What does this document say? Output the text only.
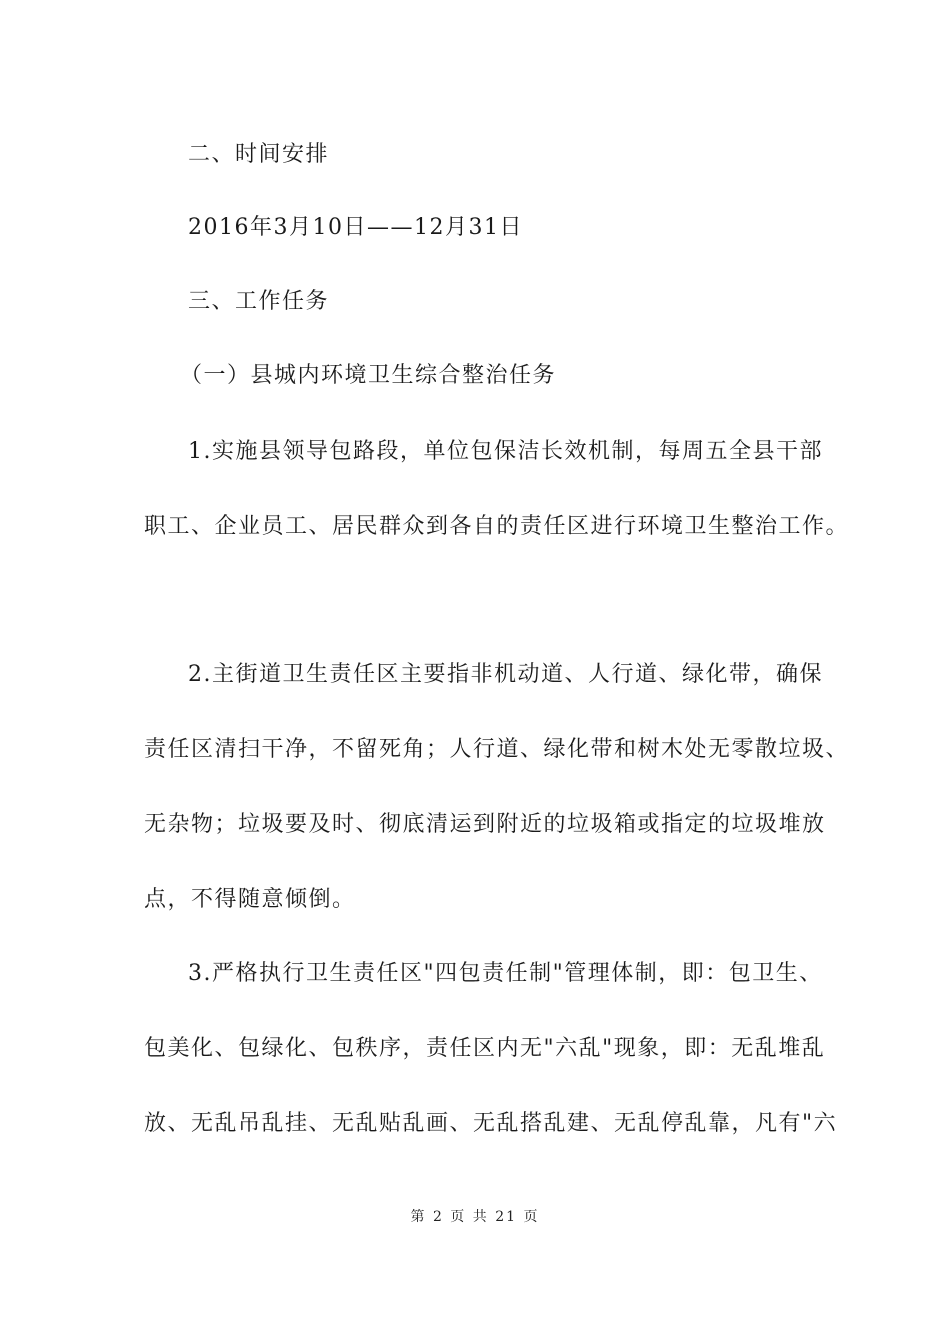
二、时间安排
2016年3月10日——12月31日
三、工作任务
（一）县城内环境卫生综合整治任务
1.实施县领导包路段，单位包保洁长效机制，每周五全县干部
职工、企业员工、居民群众到各自的责任区进行环境卫生整治工作。
2.主街道卫生责任区主要指非机动道、人行道、绿化带，确保
责任区清扫干净，不留死角；人行道、绿化带和树木处无零散垃圾、
无杂物；垃圾要及时、彻底清运到附近的垃圾箱或指定的垃圾堆放
点，不得随意倾倒。
3.严格执行卫生责任区"四包责任制"管理体制，即：包卫生、
包美化、包绿化、包秩序，责任区内无"六乱"现象，即：无乱堆乱
放、无乱吊乱挂、无乱贴乱画、无乱搭乱建、无乱停乱靠，凡有"六
第 2 页 共 21 页
